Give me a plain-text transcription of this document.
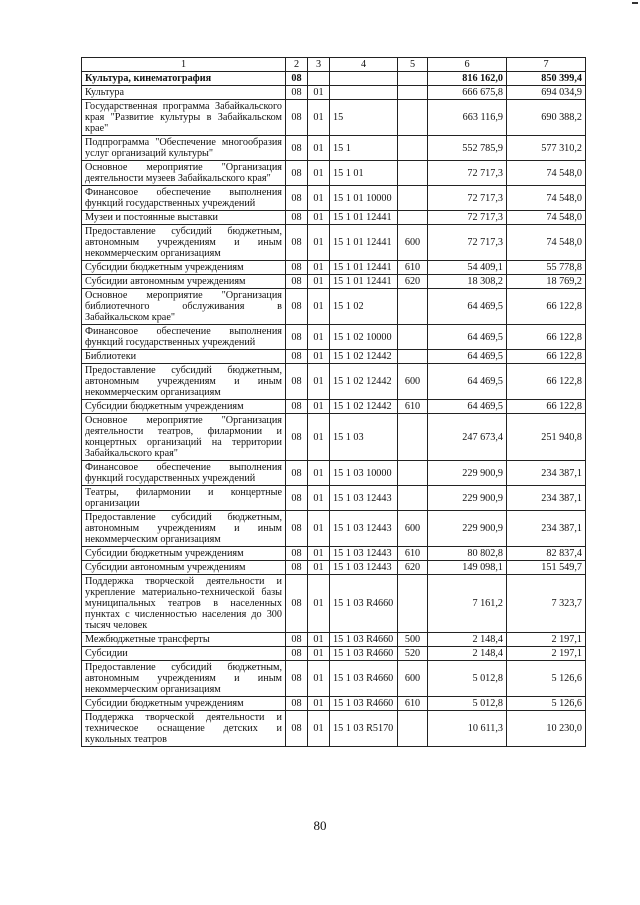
1	2	3	4	5	6	7
Культура, кинематография	08				816 162,0	850 399,4
Культура	08	01			666 675,8	694 034,9
Государственная программа Забайкальского края "Развитие культуры в Забайкальском крае"	08	01	15		663 116,9	690 388,2
Подпрограмма "Обеспечение многообразия услуг организаций культуры"	08	01	15 1		552 785,9	577 310,2
Основное мероприятие "Организация деятельности музеев Забайкальского края"	08	01	15 1 01		72 717,3	74 548,0
Финансовое обеспечение выполнения функций государственных учреждений	08	01	15 1 01 10000		72 717,3	74 548,0
Музеи и постоянные выставки	08	01	15 1 01 12441		72 717,3	74 548,0
Предоставление субсидий бюджетным, автономным учреждениям и иным некоммерческим организациям	08	01	15 1 01 12441	600	72 717,3	74 548,0
Субсидии бюджетным учреждениям	08	01	15 1 01 12441	610	54 409,1	55 778,8
Субсидии автономным учреждениям	08	01	15 1 01 12441	620	18 308,2	18 769,2
Основное мероприятие "Организация библиотечного обслуживания в Забайкальском крае"	08	01	15 1 02		64 469,5	66 122,8
Финансовое обеспечение выполнения функций государственных учреждений	08	01	15 1 02 10000		64 469,5	66 122,8
Библиотеки	08	01	15 1 02 12442		64 469,5	66 122,8
Предоставление субсидий бюджетным, автономным учреждениям и иным некоммерческим организациям	08	01	15 1 02 12442	600	64 469,5	66 122,8
Субсидии бюджетным учреждениям	08	01	15 1 02 12442	610	64 469,5	66 122,8
Основное мероприятие "Организация деятельности театров, филармонии и концертных организаций на территории Забайкальского края"	08	01	15 1 03		247 673,4	251 940,8
Финансовое обеспечение выполнения функций государственных учреждений	08	01	15 1 03 10000		229 900,9	234 387,1
Театры, филармонии и концертные организации	08	01	15 1 03 12443		229 900,9	234 387,1
Предоставление субсидий бюджетным, автономным учреждениям и иным некоммерческим организациям	08	01	15 1 03 12443	600	229 900,9	234 387,1
Субсидии бюджетным учреждениям	08	01	15 1 03 12443	610	80 802,8	82 837,4
Субсидии автономным учреждениям	08	01	15 1 03 12443	620	149 098,1	151 549,7
Поддержка творческой деятельности и укрепление материально-технической базы муниципальных театров в населенных пунктах с численностью населения до 300 тысяч человек	08	01	15 1 03 R4660		7 161,2	7 323,7
Межбюджетные трансферты	08	01	15 1 03 R4660	500	2 148,4	2 197,1
Субсидии	08	01	15 1 03 R4660	520	2 148,4	2 197,1
Предоставление субсидий бюджетным, автономным учреждениям и иным некоммерческим организациям	08	01	15 1 03 R4660	600	5 012,8	5 126,6
Субсидии бюджетным учреждениям	08	01	15 1 03 R4660	610	5 012,8	5 126,6
Поддержка творческой деятельности и техническое оснащение детских и кукольных театров	08	01	15 1 03 R5170		10 611,3	10 230,0
80
